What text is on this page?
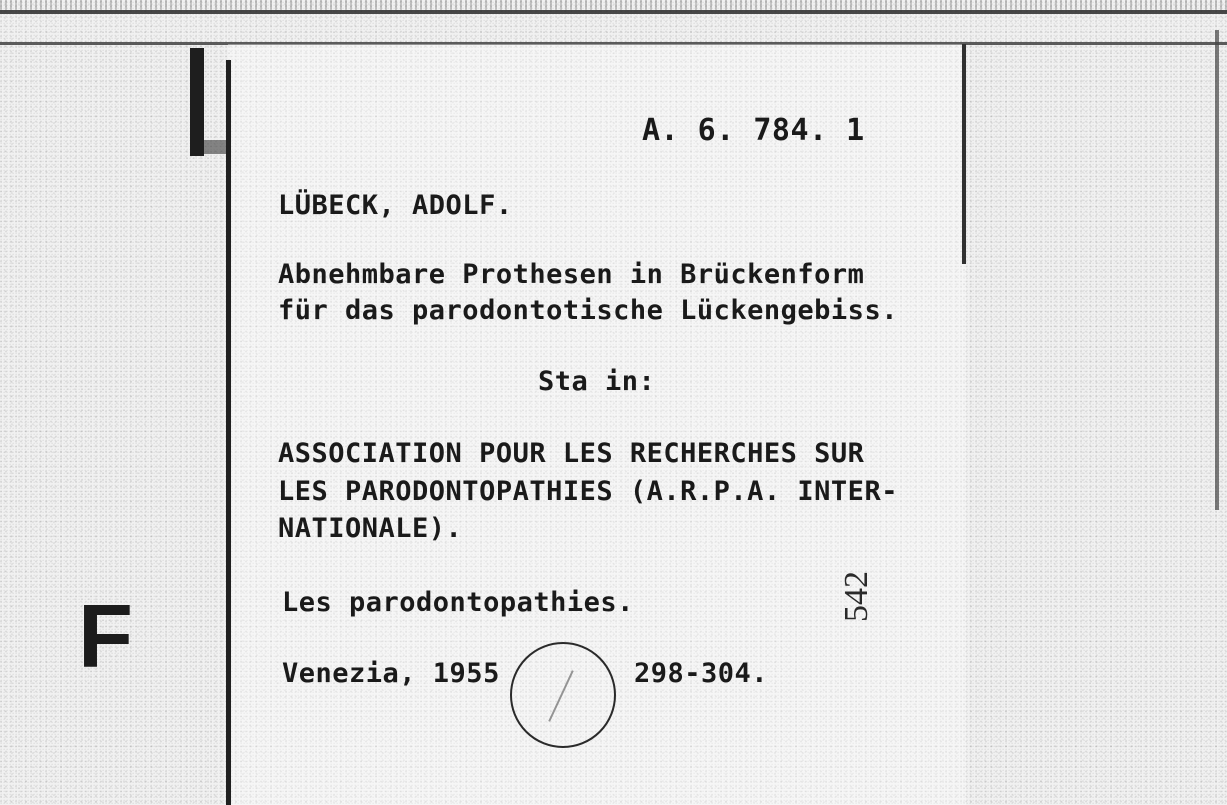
A. 6. 784. 1
LÜBECK, ADOLF.
Abnehmbare Prothesen in Brückenform
für das parodontotische Lückengebiss.
Sta in:
ASSOCIATION POUR LES RECHERCHES SUR
LES PARODONTOPATHIES (A.R.P.A. INTER-
NATIONALE).
Les parodontopathies.
Venezia, 1955	298-304.
542
F
